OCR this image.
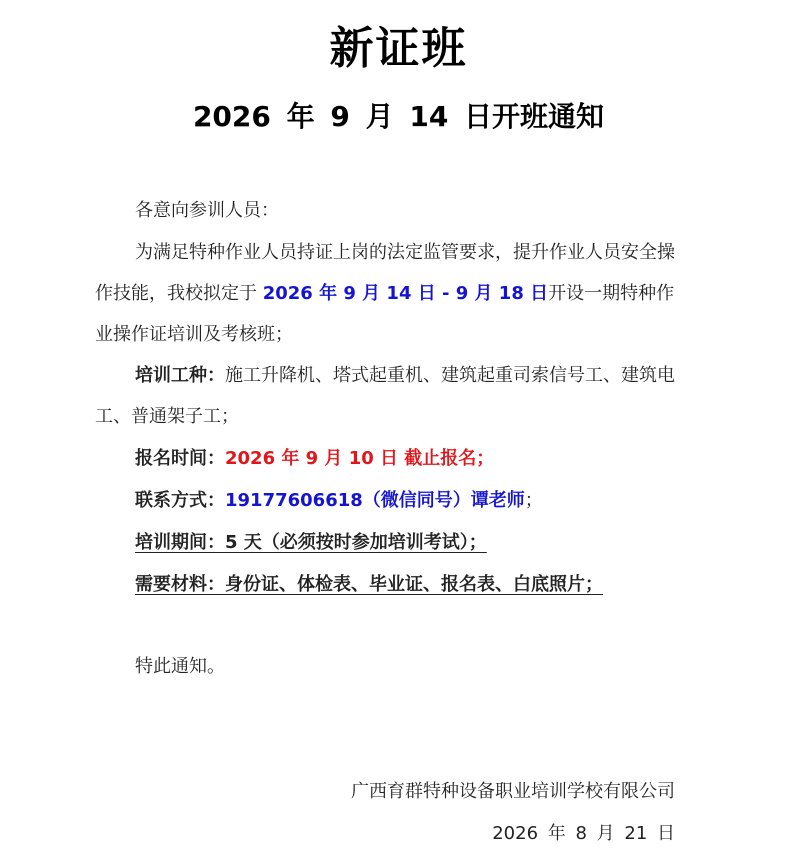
新证班
2026 年 9 月 14 日开班通知
各意向参训人员：
为满足特种作业人员持证上岗的法定监管要求，提升作业人员安全操作技能，我校拟定于 2026 年 9 月 14 日 - 9 月 18 日开设一期特种作业操作证培训及考核班；
培训工种：施工升降机、塔式起重机、建筑起重司索信号工、建筑电工、普通架子工；
报名时间：2026 年 9 月 10 日 截止报名；
联系方式：19177606618（微信同号）谭老师；
培训期间：5 天（必须按时参加培训考试）；
需要材料：身份证、体检表、毕业证、报名表、白底照片；
特此通知。
广西育群特种设备职业培训学校有限公司
2026 年 8 月 21 日
